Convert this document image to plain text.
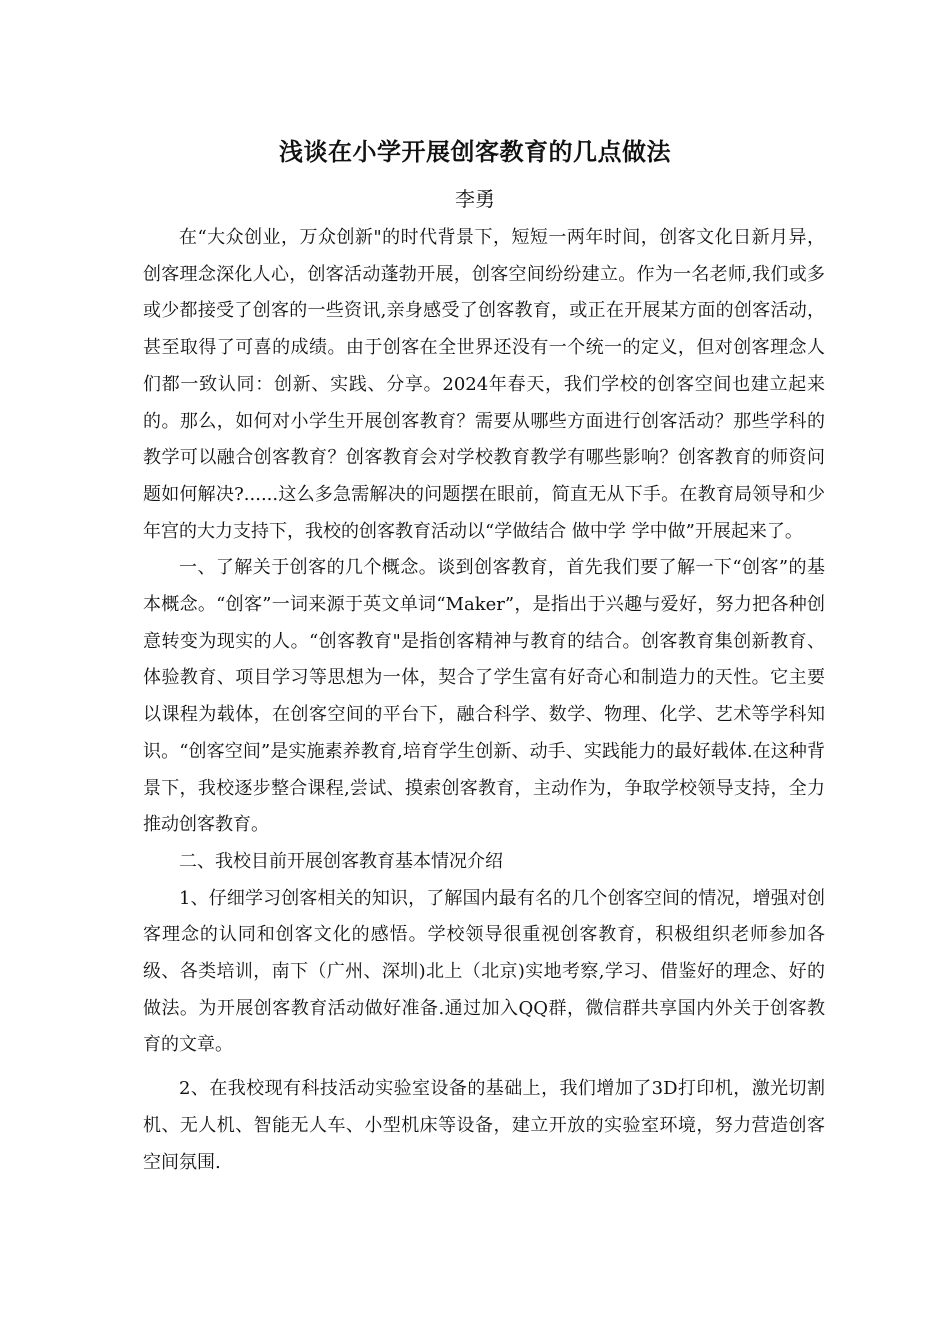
浅谈在小学开展创客教育的几点做法
李勇

在“大众创业，万众创新"的时代背景下，短短一两年时间，创客文化日新月异，创客理念深化人心，创客活动蓬勃开展，创客空间纷纷建立。作为一名老师,我们或多或少都接受了创客的一些资讯,亲身感受了创客教育，或正在开展某方面的创客活动，甚至取得了可喜的成绩。由于创客在全世界还没有一个统一的定义，但对创客理念人们都一致认同：创新、实践、分享。2024年春天，我们学校的创客空间也建立起来的。那么，如何对小学生开展创客教育？需要从哪些方面进行创客活动？那些学科的教学可以融合创客教育？创客教育会对学校教育教学有哪些影响？创客教育的师资问题如何解决?......这么多急需解决的问题摆在眼前，简直无从下手。在教育局领导和少年宫的大力支持下，我校的创客教育活动以“学做结合 做中学 学中做”开展起来了。

一、了解关于创客的几个概念。谈到创客教育，首先我们要了解一下“创客”的基本概念。“创客”一词来源于英文单词“Maker”，是指出于兴趣与爱好，努力把各种创意转变为现实的人。“创客教育"是指创客精神与教育的结合。创客教育集创新教育、体验教育、项目学习等思想为一体，契合了学生富有好奇心和制造力的天性。它主要以课程为载体，在创客空间的平台下，融合科学、数学、物理、化学、艺术等学科知识。“创客空间”是实施素养教育,培育学生创新、动手、实践能力的最好载体.在这种背景下，我校逐步整合课程,尝试、摸索创客教育，主动作为，争取学校领导支持，全力推动创客教育。

二、我校目前开展创客教育基本情况介绍

1、仔细学习创客相关的知识，了解国内最有名的几个创客空间的情况，增强对创客理念的认同和创客文化的感悟。学校领导很重视创客教育，积极组织老师参加各级、各类培训，南下（广州、深圳)北上（北京)实地考察,学习、借鉴好的理念、好的做法。为开展创客教育活动做好准备.通过加入QQ群，微信群共享国内外关于创客教育的文章。

2、在我校现有科技活动实验室设备的基础上，我们增加了3D打印机，激光切割机、无人机、智能无人车、小型机床等设备，建立开放的实验室环境，努力营造创客空间氛围.
